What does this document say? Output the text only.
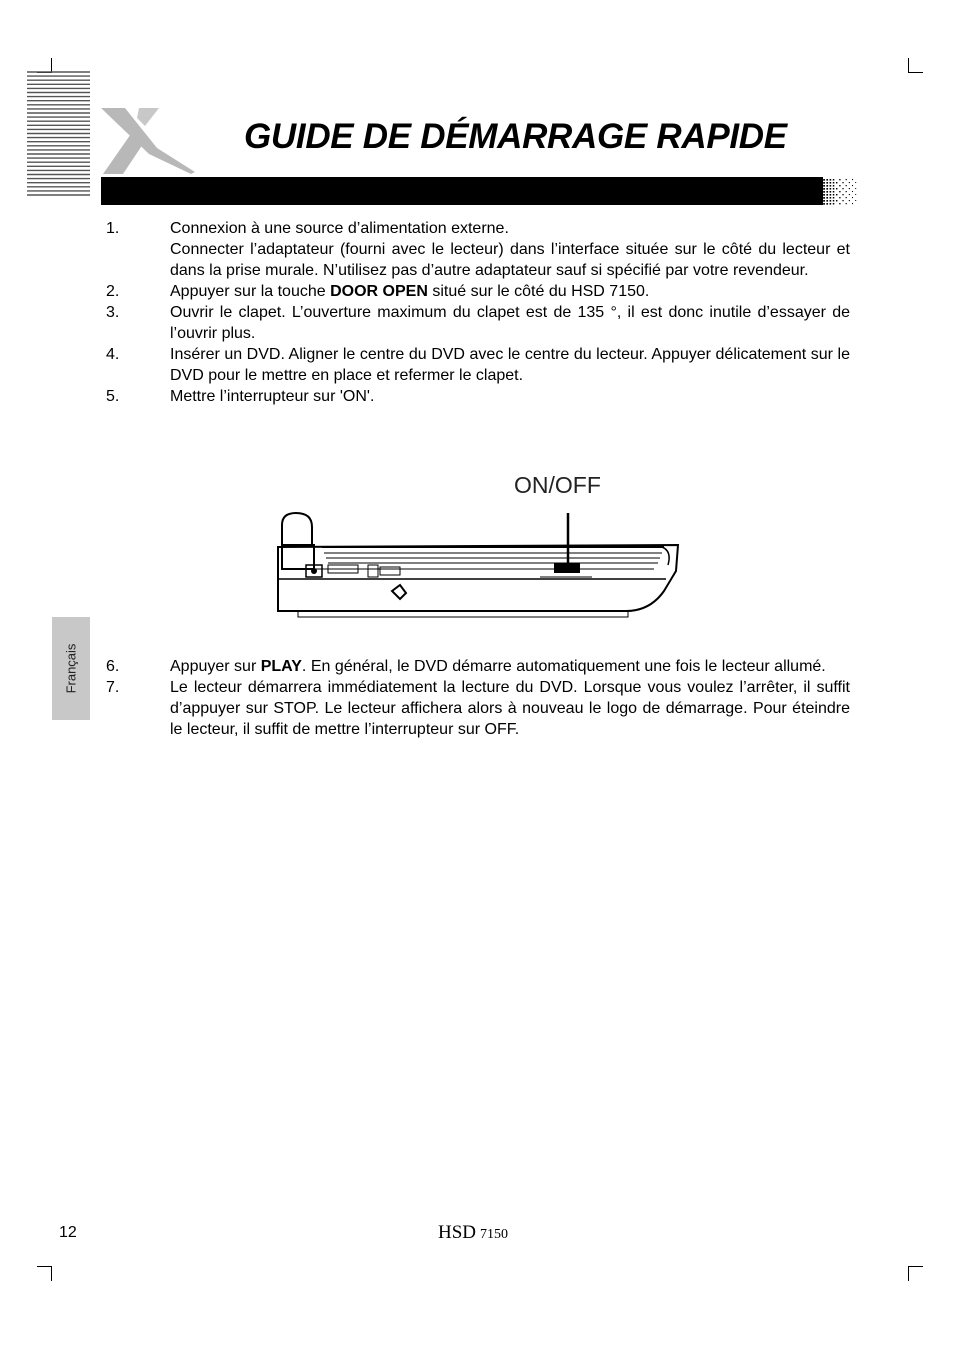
GUIDE DE DÉMARRAGE RAPIDE
Français
1.	Connexion à une source d’alimentation externe.

Connecter l’adaptateur (fourni avec le lecteur) dans l’interface située sur le côté du lecteur et dans la prise murale. N’utilisez pas d’autre adaptateur sauf si spécifié par votre revendeur.

2.	Appuyer sur la touche DOOR OPEN situé sur le côté du HSD 7150.
3.	Ouvrir le clapet. L’ouverture maximum du clapet est de 135 °, il est donc inutile d’essayer de l’ouvrir plus.
4.	Insérer un DVD. Aligner le centre du DVD avec le centre du lecteur. Appuyer délicatement sur le DVD pour le mettre en place et refermer le clapet.
5.	Mettre l’interrupteur sur 'ON'.
ON/OFF
6.	Appuyer sur PLAY. En général, le DVD démarre automatiquement une fois le lecteur allumé.
7.	Le lecteur démarrera immédiatement la lecture du DVD. Lorsque vous voulez l’arrêter, il suffit d’appuyer sur STOP. Le lecteur affichera alors à nouveau le logo de démarrage. Pour éteindre le lecteur, il suffit de mettre l’interrupteur sur OFF.
12	HSD 7150
